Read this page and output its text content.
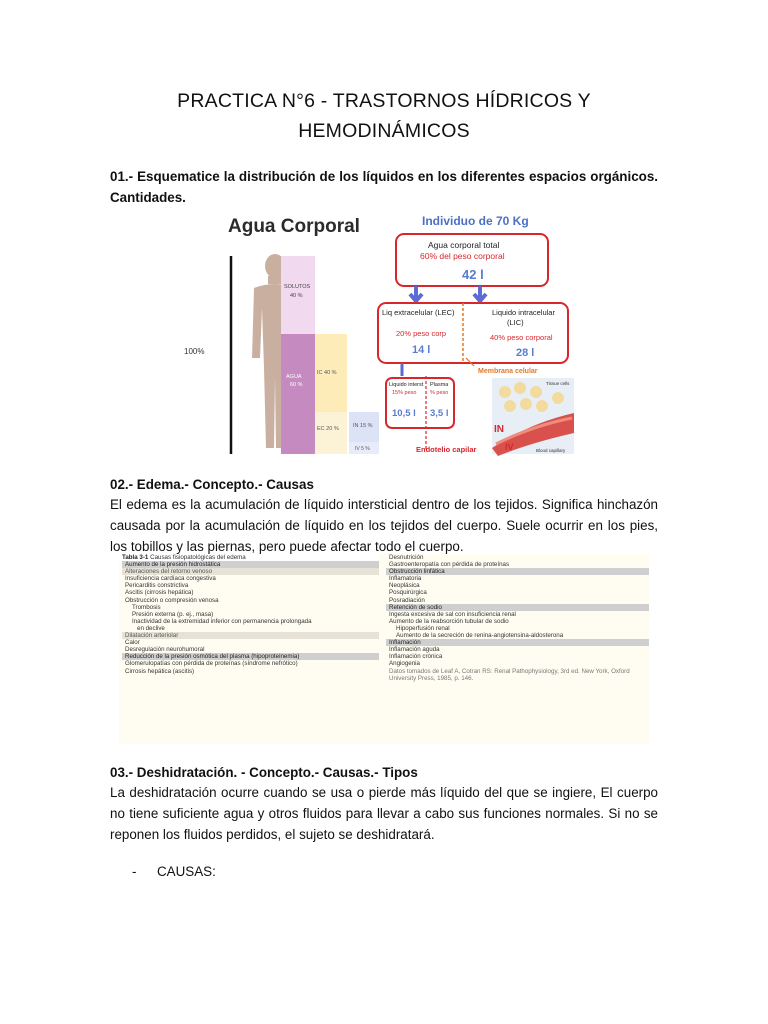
PRACTICA N°6 - TRASTORNOS HÍDRICOS Y
HEMODINÁMICOS
01.- Esquematice la distribución de los líquidos en los diferentes espacios orgánicos. Cantidades.
Agua Corporal
100%
SOLUTOS
40 %
AGUA
60 %
IC 40 %
EC 20 %	IN 15 %
IV 5 %
Individuo de 70 Kg
Agua corporal total
60% del peso corporal
42 l
Liq extracelular (LEC)
20% peso corp
14 l
Liquido intracelular
(LIC)
40% peso corporal
28 l
Membrana celular
Liquido interst
15% peso
10,5 l
Plasma
% peso
3,5 l
Endotelio capilar
Tissue cells
IN
IV	Blood capillary
02.- Edema.- Concepto.- Causas
El edema es la acumulación de líquido intersticial dentro de los tejidos. Significa hinchazón causada por la acumulación de líquido en los tejidos del cuerpo. Suele ocurrir en los pies, los tobillos y las piernas, pero puede afectar todo el cuerpo.
Tabla 3-1 Causas fisiopatológicas del edema
Aumento de la presión hidrostática
Alteraciones del retorno venoso
Insuficiencia cardíaca congestiva
Pericarditis constrictiva
Ascitis (cirrosis hepática)
Obstrucción o compresión venosa
Trombosis
Presión externa (p. ej., masa)
Inactividad de la extremidad inferior con permanencia prolongada
en declive
Dilatación arteriolar
Calor
Desregulación neurohumoral
Reducción de la presión osmótica del plasma (hipoproteinemia)
Glomerulopatías con pérdida de proteínas (síndrome nefrótico)
Cirrosis hepática (ascitis)
Desnutrición
Gastroenteropatía con pérdida de proteínas
Obstrucción linfática
Inflamatoria
Neoplásica
Posquirúrgica
Posradiación
Retención de sodio
Ingesta excesiva de sal con insuficiencia renal
Aumento de la reabsorción tubular de sodio
Hipoperfusión renal
Aumento de la secreción de renina-angiotensina-aldosterona
Inflamación
Inflamación aguda
Inflamación crónica
Angiogenia
Datos tomados de Leaf A, Cotran RS: Renal Pathophysiology, 3rd ed. New York, Oxford
University Press, 1985, p. 146.
03.- Deshidratación. - Concepto.- Causas.- Tipos
La deshidratación ocurre cuando se usa o pierde más líquido del que se ingiere, El cuerpo no tiene suficiente agua y otros fluidos para llevar a cabo sus funciones normales. Si no se reponen los fluidos perdidos, el sujeto se deshidratará.
- CAUSAS:
